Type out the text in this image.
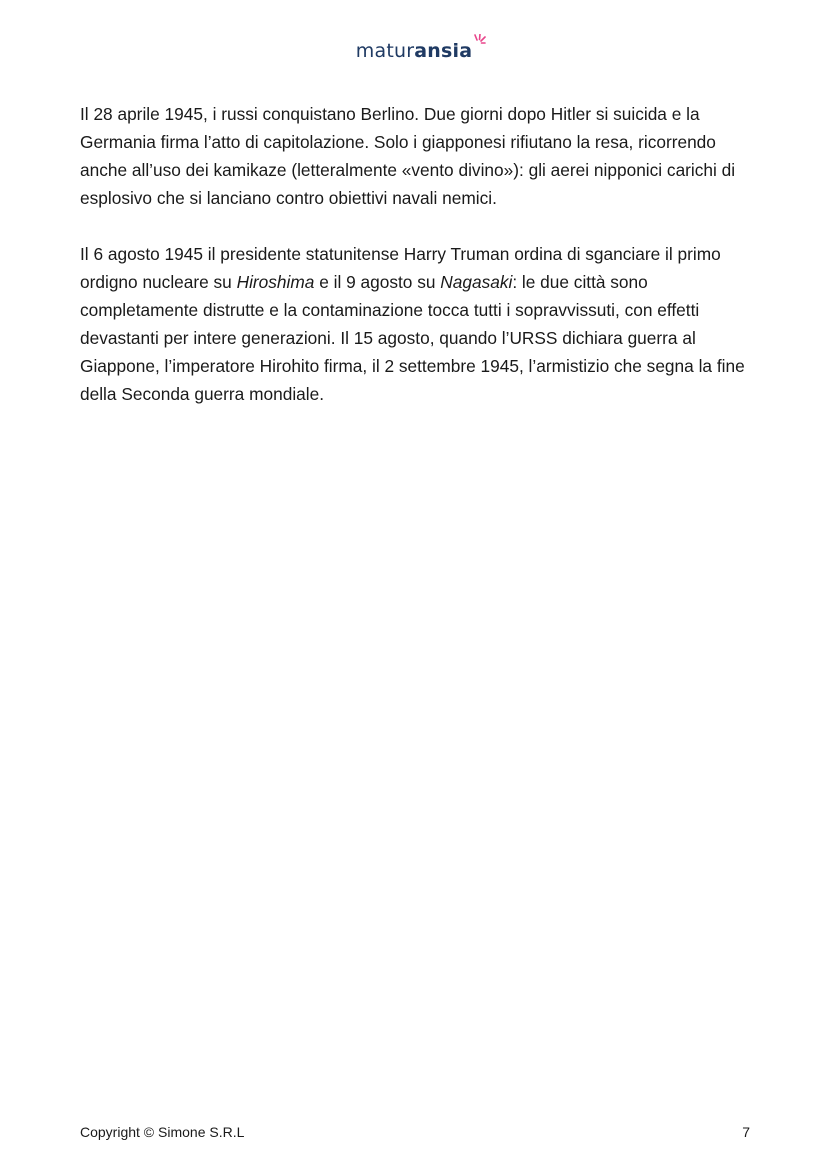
maturansia

Il 28 aprile 1945, i russi conquistano Berlino. Due giorni dopo Hitler si suicida e la Germania firma l’atto di capitolazione. Solo i giapponesi rifiutano la resa, ricorrendo anche all’uso dei kamikaze (letteralmente «vento divino»): gli aerei nipponici carichi di esplosivo che si lanciano contro obiettivi navali nemici.

Il 6 agosto 1945 il presidente statunitense Harry Truman ordina di sganciare il primo ordigno nucleare su Hiroshima e il 9 agosto su Nagasaki: le due città sono completamente distrutte e la contaminazione tocca tutti i sopravvissuti, con effetti devastanti per intere generazioni. Il 15 agosto, quando l’URSS dichiara guerra al Giappone, l’imperatore Hirohito firma, il 2 settembre 1945, l’armistizio che segna la fine della Seconda guerra mondiale.

Copyright © Simone S.R.L	7
